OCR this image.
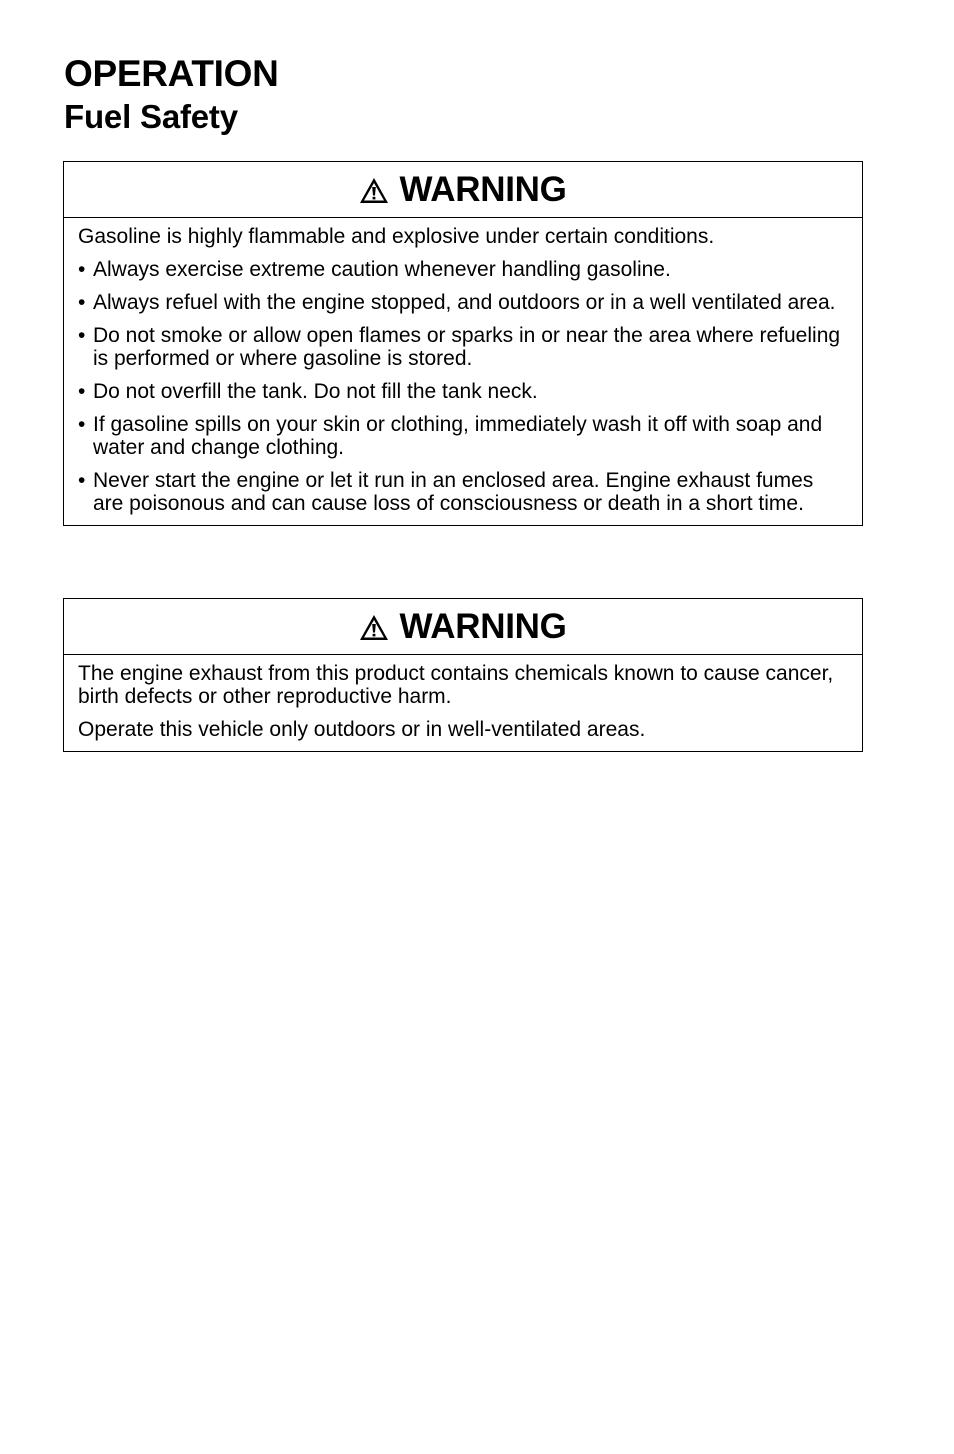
OPERATION
Fuel Safety
WARNING

Gasoline is highly flammable and explosive under certain conditions.

• Always exercise extreme caution whenever handling gasoline.
• Always refuel with the engine stopped, and outdoors or in a well ventilated area.
• Do not smoke or allow open flames or sparks in or near the area where refueling is performed or where gasoline is stored.
• Do not overfill the tank. Do not fill the tank neck.
• If gasoline spills on your skin or clothing, immediately wash it off with soap and water and change clothing.
• Never start the engine or let it run in an enclosed area. Engine exhaust fumes are poisonous and can cause loss of consciousness or death in a short time.
WARNING

The engine exhaust from this product contains chemicals known to cause cancer, birth defects or other reproductive harm.

Operate this vehicle only outdoors or in well-ventilated areas.
